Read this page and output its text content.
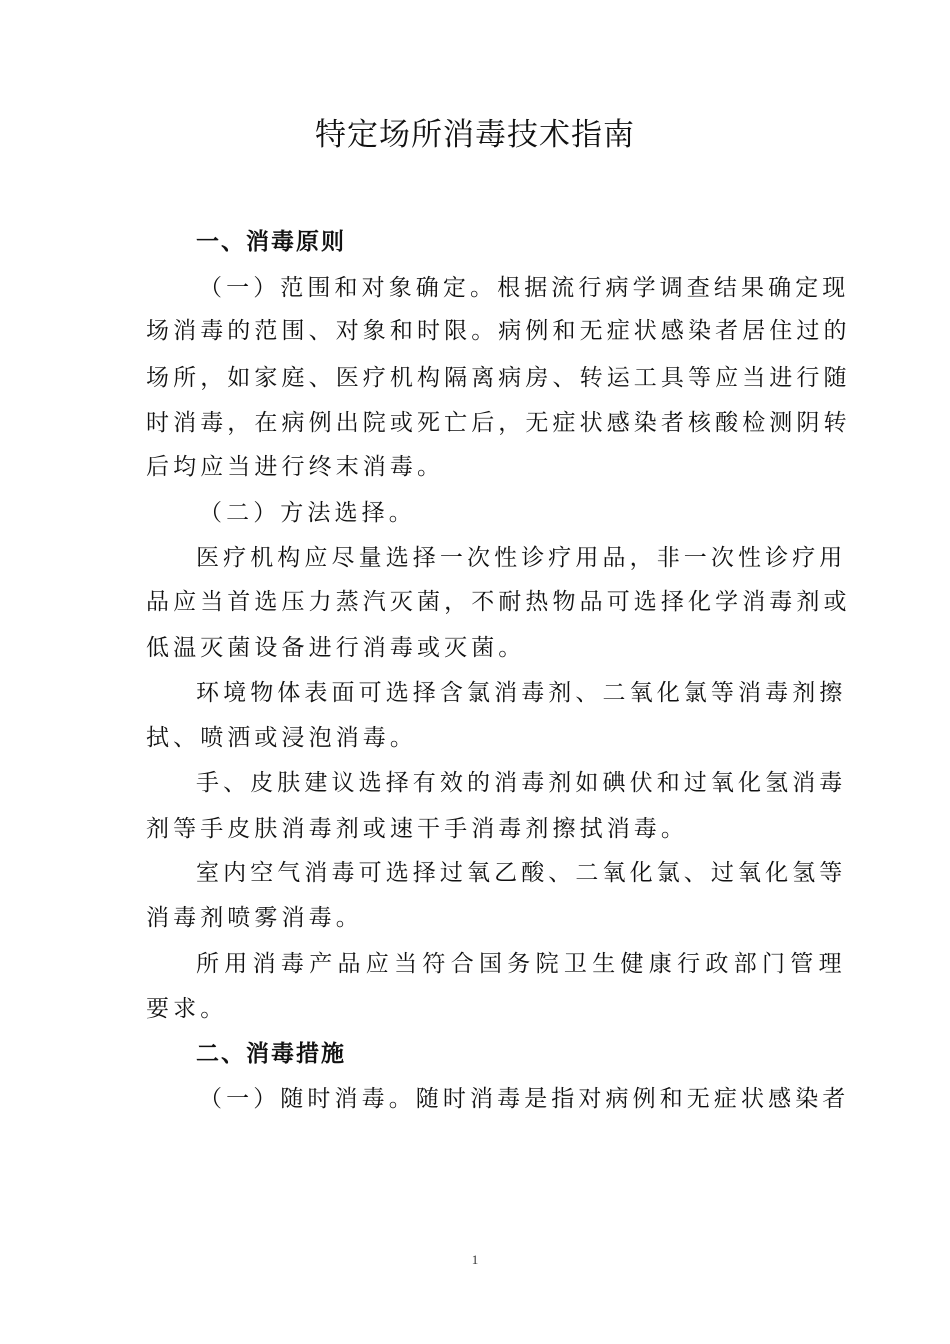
特定场所消毒技术指南
一、消毒原则
（一）范围和对象确定。根据流行病学调查结果确定现
场消毒的范围、对象和时限。病例和无症状感染者居住过的
场所，如家庭、医疗机构隔离病房、转运工具等应当进行随
时消毒，在病例出院或死亡后，无症状感染者核酸检测阴转
后均应当进行终末消毒。
（二）方法选择。
医疗机构应尽量选择一次性诊疗用品，非一次性诊疗用
品应当首选压力蒸汽灭菌，不耐热物品可选择化学消毒剂或
低温灭菌设备进行消毒或灭菌。
环境物体表面可选择含氯消毒剂、二氧化氯等消毒剂擦
拭、喷洒或浸泡消毒。
手、皮肤建议选择有效的消毒剂如碘伏和过氧化氢消毒
剂等手皮肤消毒剂或速干手消毒剂擦拭消毒。
室内空气消毒可选择过氧乙酸、二氧化氯、过氧化氢等
消毒剂喷雾消毒。
所用消毒产品应当符合国务院卫生健康行政部门管理
要求。
二、消毒措施
（一）随时消毒。随时消毒是指对病例和无症状感染者
1
